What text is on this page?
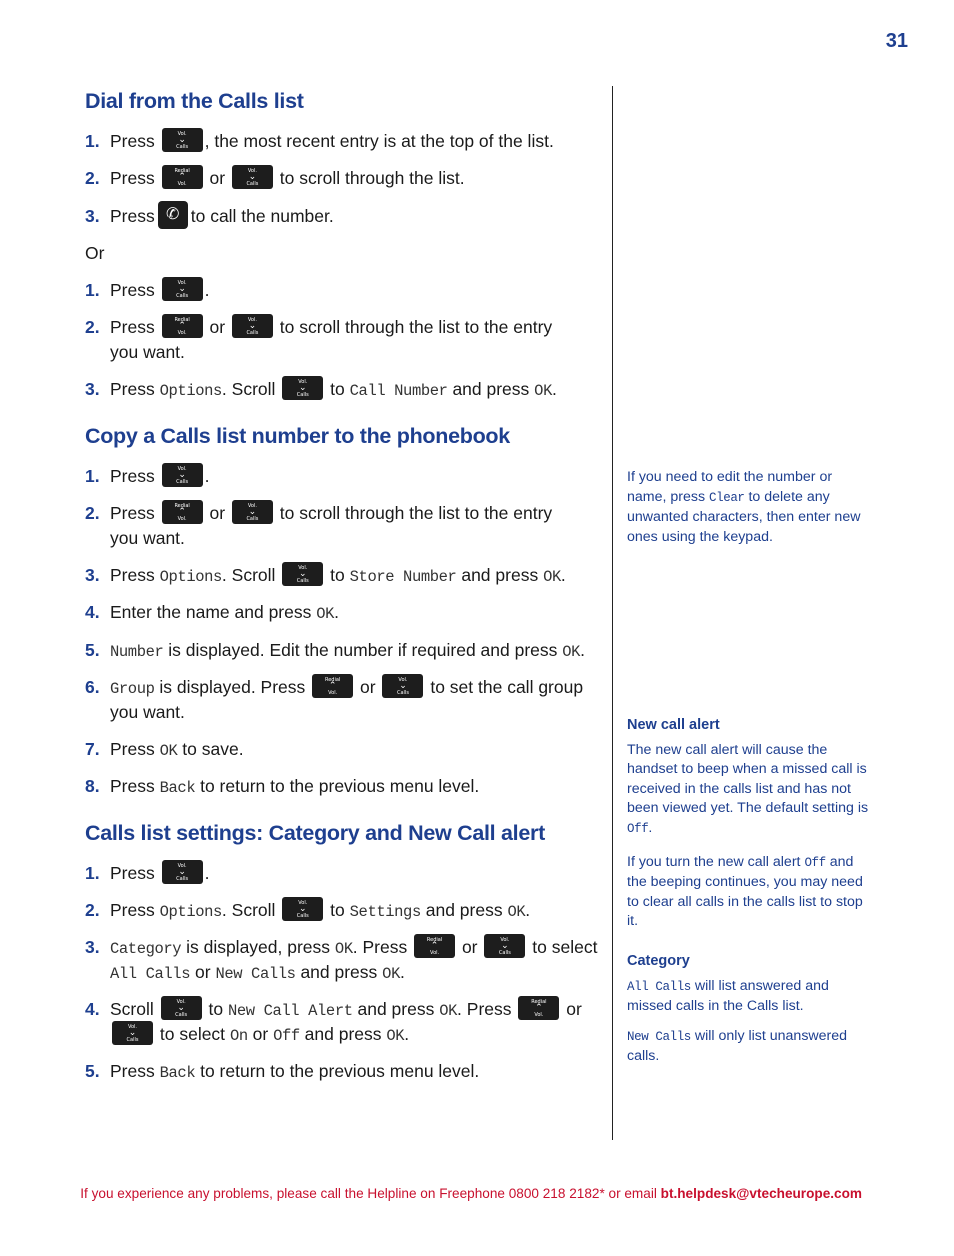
31
Dial from the Calls list
1. Press	Vol.
⌄
Calls , the most recent entry is at the top of the list.
2. Press	Redial
⌃
Vol. or	Vol.
⌄
Calls to scroll through the list.
3. Press ✆ to call the number.
Or
1. Press	Vol.
⌄
Calls .
2. Press	Redial
⌃
Vol. or	Vol.
⌄
Calls to scroll through the list to the entry
you want.
3. Press Options. Scroll	Vol.
⌄
Calls to Call Number and press OK.
Copy a Calls list number to the phonebook
1. Press	Vol.
⌄
Calls .
2. Press	Redial
⌃
Vol. or	Vol.
⌄
Calls to scroll through the list to the entry
you want.
3. Press Options. Scroll	Vol.
⌄
Calls to Store Number and press OK.
4. Enter the name and press OK.
5. Number is displayed. Edit the number if required and press OK.
6. Group is displayed. Press	Redial
⌃
Vol. or	Vol.
⌄
Calls to set the call group
you want.
7. Press OK to save.
8. Press Back to return to the previous menu level.
Calls list settings: Category and New Call alert
1. Press	Vol.
⌄
Calls .
2. Press Options. Scroll	Vol.
⌄
Calls to Settings and press OK.
3. Category is displayed, press OK. Press	Redial
⌃
Vol. or	Vol.
⌄
Calls to select
All Calls or New Calls and press OK.
4. Scroll	Vol.
⌄
Calls to New Call Alert and press OK. Press	Redial
⌃
Vol. or
Vol.
⌄
Calls to select On or Off and press OK.
5. Press Back to return to the previous menu level.

If you need to edit the number or name, press Clear to delete any unwanted characters, then enter new ones using the keypad.

New call alert

The new call alert will cause the handset to beep when a missed call is received in the calls list and has not been viewed yet. The default setting is Off.

If you turn the new call alert Off and the beeping continues, you may need to clear all calls in the calls list to stop it.

Category

All Calls will list answered and missed calls in the Calls list.

New Calls will only list unanswered calls.

If you experience any problems, please call the Helpline on Freephone 0800 218 2182* or email bt.helpdesk@vtecheurope.com
